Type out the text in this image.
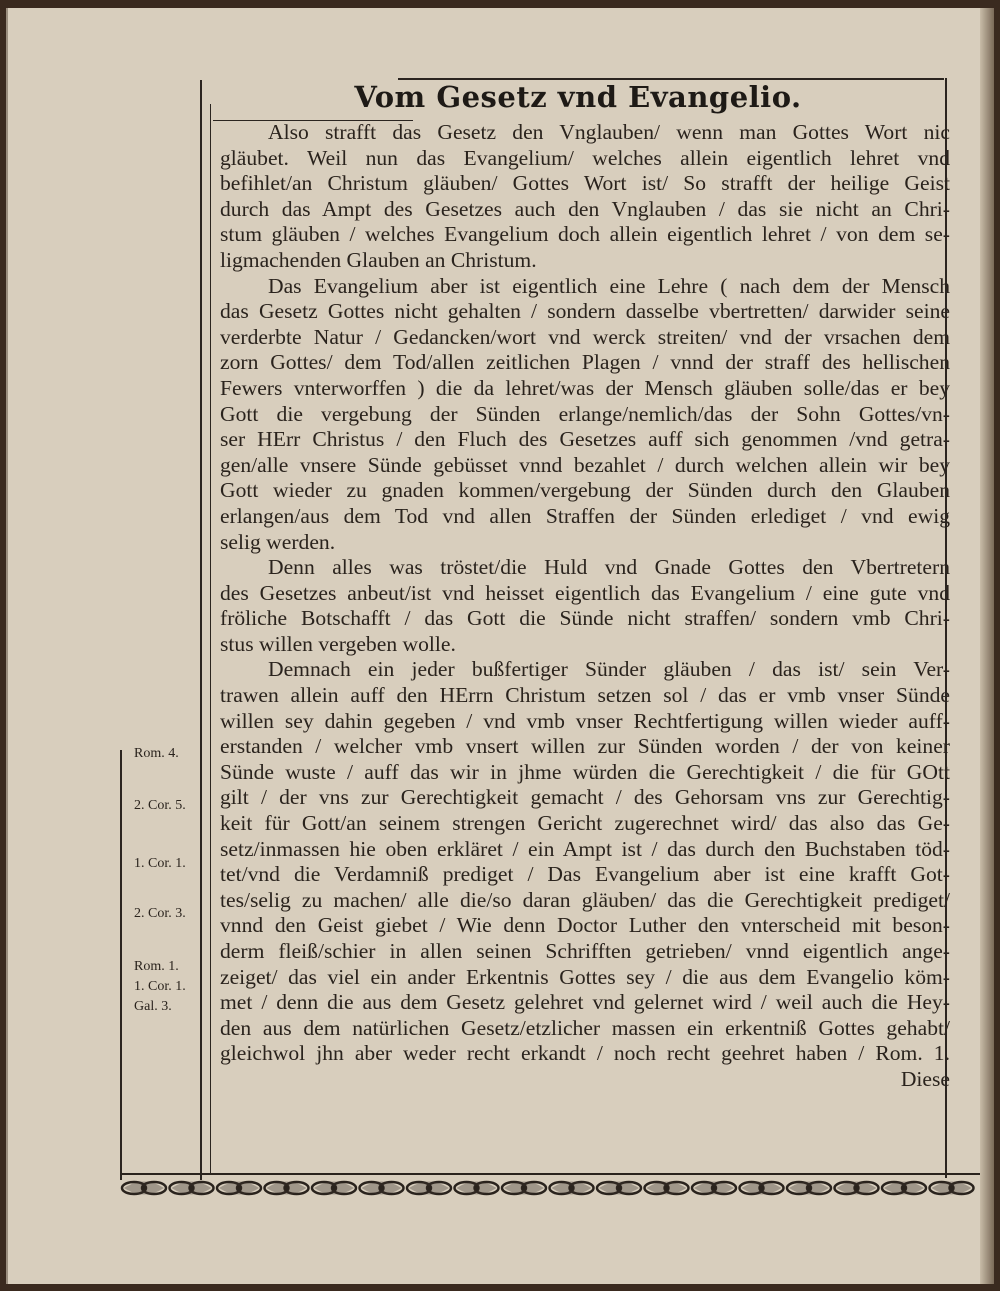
Vom Gesetz vnd Evangelio.
Also strafft das Gesetz den Vnglauben/ wenn man Gottes Wort nic
gläubet. Weil nun das Evangelium/ welches allein eigentlich lehret vnd
befihlet/an Christum gläuben/ Gottes Wort ist/ So strafft der heilige Geist
durch das Ampt des Gesetzes auch den Vnglauben / das sie nicht an Chri-
stum gläuben / welches Evangelium doch allein eigentlich lehret / von dem se-
ligmachenden Glauben an Christum.
Das Evangelium aber ist eigentlich eine Lehre ( nach dem der Mensch
das Gesetz Gottes nicht gehalten / sondern dasselbe vbertretten/ darwider seine
verderbte Natur / Gedancken/wort vnd werck streiten/ vnd der vrsachen dem
zorn Gottes/ dem Tod/allen zeitlichen Plagen / vnnd der straff des hellischen
Fewers vnterworffen ) die da lehret/was der Mensch gläuben solle/das er bey
Gott die vergebung der Sünden erlange/nemlich/das der Sohn Gottes/vn-
ser HErr Christus / den Fluch des Gesetzes auff sich genommen /vnd getra-
gen/alle vnsere Sünde gebüsset vnnd bezahlet / durch welchen allein wir bey
Gott wieder zu gnaden kommen/vergebung der Sünden durch den Glauben
erlangen/aus dem Tod vnd allen Straffen der Sünden erlediget / vnd ewig
selig werden.
Denn alles was tröstet/die Huld vnd Gnade Gottes den Vbertretern
des Gesetzes anbeut/ist vnd heisset eigentlich das Evangelium / eine gute vnd
fröliche Botschafft / das Gott die Sünde nicht straffen/ sondern vmb Chri-
stus willen vergeben wolle.
Demnach ein jeder bußfertiger Sünder gläuben / das ist/ sein Ver-
trawen allein auff den HErrn Christum setzen sol / das er vmb vnser Sünde
willen sey dahin gegeben / vnd vmb vnser Rechtfertigung willen wieder auff-
erstanden / welcher vmb vnsert willen zur Sünden worden / der von keiner
Sünde wuste / auff das wir in jhme würden die Gerechtigkeit / die für GOtt
gilt / der vns zur Gerechtigkeit gemacht / des Gehorsam vns zur Gerechtig-
keit für Gott/an seinem strengen Gericht zugerechnet wird/ das also das Ge-
setz/inmassen hie oben erkläret / ein Ampt ist / das durch den Buchstaben töd-
tet/vnd die Verdamniß prediget / Das Evangelium aber ist eine krafft Got-
tes/selig zu machen/ alle die/so daran gläuben/ das die Gerechtigkeit prediget/
vnnd den Geist giebet / Wie denn Doctor Luther den vnterscheid mit beson-
derm fleiß/schier in allen seinen Schrifften getrieben/ vnnd eigentlich ange-
zeiget/ das viel ein ander Erkentnis Gottes sey / die aus dem Evangelio köm-
met / denn die aus dem Gesetz gelehret vnd gelernet wird / weil auch die Hey-
den aus dem natürlichen Gesetz/etzlicher massen ein erkentniß Gottes gehabt/
gleichwol jhn aber weder recht erkandt / noch recht geehret haben / Rom. 1.
Diese
Rom. 4.
2. Cor. 5.
1. Cor. 1.
2. Cor. 3.
Rom. 1.
1. Cor. 1.
Gal. 3.
